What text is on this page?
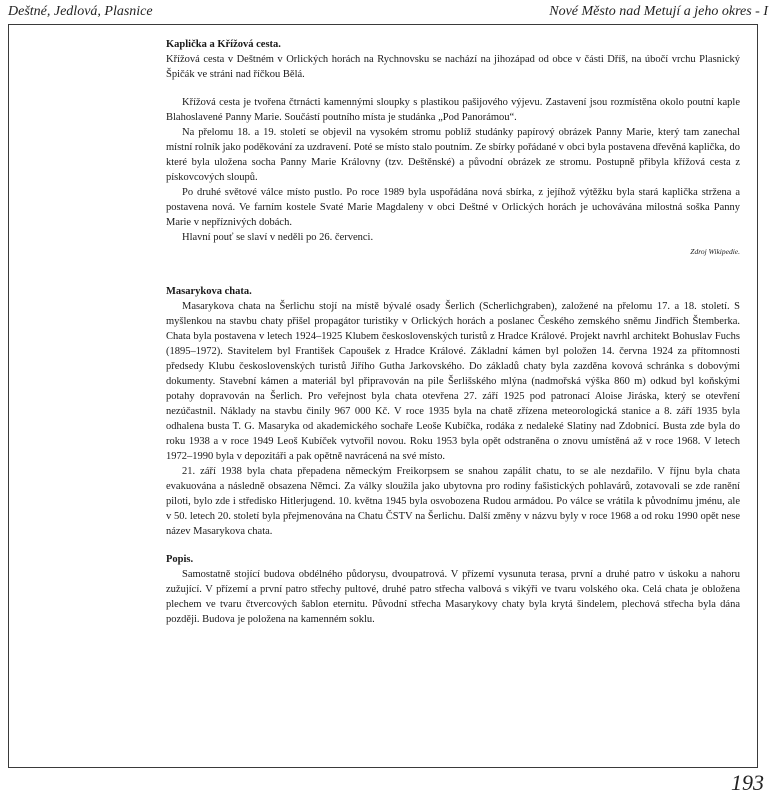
Deštné, Jedlová, Plasnice	Nové Město nad Metují a jeho okres - I

Kaplička a Křížová cesta.

Křížová cesta v Deštném v Orlických horách na Rychnovsku se nachází na jihozápad od obce v části Dříš, na úbočí vrchu Plasnický Špičák ve stráni nad říčkou Bělá.

Křížová cesta je tvořena čtrnácti kamennými sloupky s plastikou pašijového výjevu. Zastavení jsou rozmístěna okolo poutní kaple Blahoslavené Panny Marie. Součástí poutního místa je studánka „Pod Panorámou“.

Na přelomu 18. a 19. století se objevil na vysokém stromu poblíž studánky papírový obrázek Panny Marie, který tam zanechal místní rolník jako poděkování za uzdravení. Poté se místo stalo poutním. Ze sbírky pořádané v obci byla postavena dřevěná kaplička, do které byla uložena socha Panny Marie Královny (tzv. Deštěnské) a původní obrázek ze stromu. Postupně přibyla křížová cesta z pískovcových sloupů.

Po druhé světové válce místo pustlo. Po roce 1989 byla uspořádána nová sbírka, z jejíhož výtěžku byla stará kaplička stržena a postavena nová. Ve farním kostele Svaté Marie Magdaleny v obci Deštné v Orlických horách je uchovávána milostná soška Panny Marie v nepříznivých dobách.

Hlavní pouť se slaví v neděli po 26. červenci.

Zdroj Wikipedie.

Masarykova chata.

Masarykova chata na Šerlichu stojí na místě bývalé osady Šerlich (Scherlichgraben), založené na přelomu 17. a 18. století. S myšlenkou na stavbu chaty přišel propagátor turistiky v Orlických horách a poslanec Českého zemského sněmu Jindřich Štemberka. Chata byla postavena v letech 1924–1925 Klubem československých turistů z Hradce Králové. Projekt navrhl architekt Bohuslav Fuchs (1895–1972). Stavitelem byl František Capoušek z Hradce Králové. Základní kámen byl položen 14. června 1924 za přítomnosti předsedy Klubu československých turistů Jiřího Gutha Jarkovského. Do základů chaty byla zazděna kovová schránka s dobovými dokumenty. Stavební kámen a materiál byl připravován na pile Šerlišského mlýna (nadmořská výška 860 m) odkud byl koňskými potahy dopravován na Šerlich. Pro veřejnost byla chata otevřena 27. září 1925 pod patronací Aloise Jiráska, který se otevření nezúčastnil. Náklady na stavbu činily 967 000 Kč. V roce 1935 byla na chatě zřízena meteorologická stanice a 8. září 1935 byla odhalena busta T. G. Masaryka od akademického sochaře Leoše Kubíčka, rodáka z nedaleké Slatiny nad Zdobnicí. Busta zde byla do roku 1938 a v roce 1949 Leoš Kubíček vytvořil novou. Roku 1953 byla opět odstraněna o znovu umístěná až v roce 1968. V letech 1972–1990 byla v depozitáři a pak opětně navrácená na své místo.

21. září 1938 byla chata přepadena německým Freikorpsem se snahou zapálit chatu, to se ale nezdařilo. V říjnu byla chata evakuována a následně obsazena Němci. Za války sloužila jako ubytovna pro rodiny fašistických pohlavárů, zotavovali se zde ranění piloti, bylo zde i středisko Hitlerjugend. 10. května 1945 byla osvobozena Rudou armádou. Po válce se vrátila k původnímu jménu, ale v 50. letech 20. století byla přejmenována na Chatu ČSTV na Šerlichu. Další změny v názvu byly v roce 1968 a od roku 1990 opět nese název Masarykova chata.

Popis.

Samostatně stojící budova obdélného půdorysu, dvoupatrová. V přízemí vysunuta terasa, první a druhé patro v úskoku a nahoru zužující. V přízemí a první patro střechy pultové, druhé patro střecha valbová s vikýři ve tvaru volského oka. Celá chata je obložena plechem ve tvaru čtvercových šablon eternitu. Původní střecha Masarykovy chaty byla krytá šindelem, plechová střecha byla dána později. Budova je položena na kamenném soklu.

193
